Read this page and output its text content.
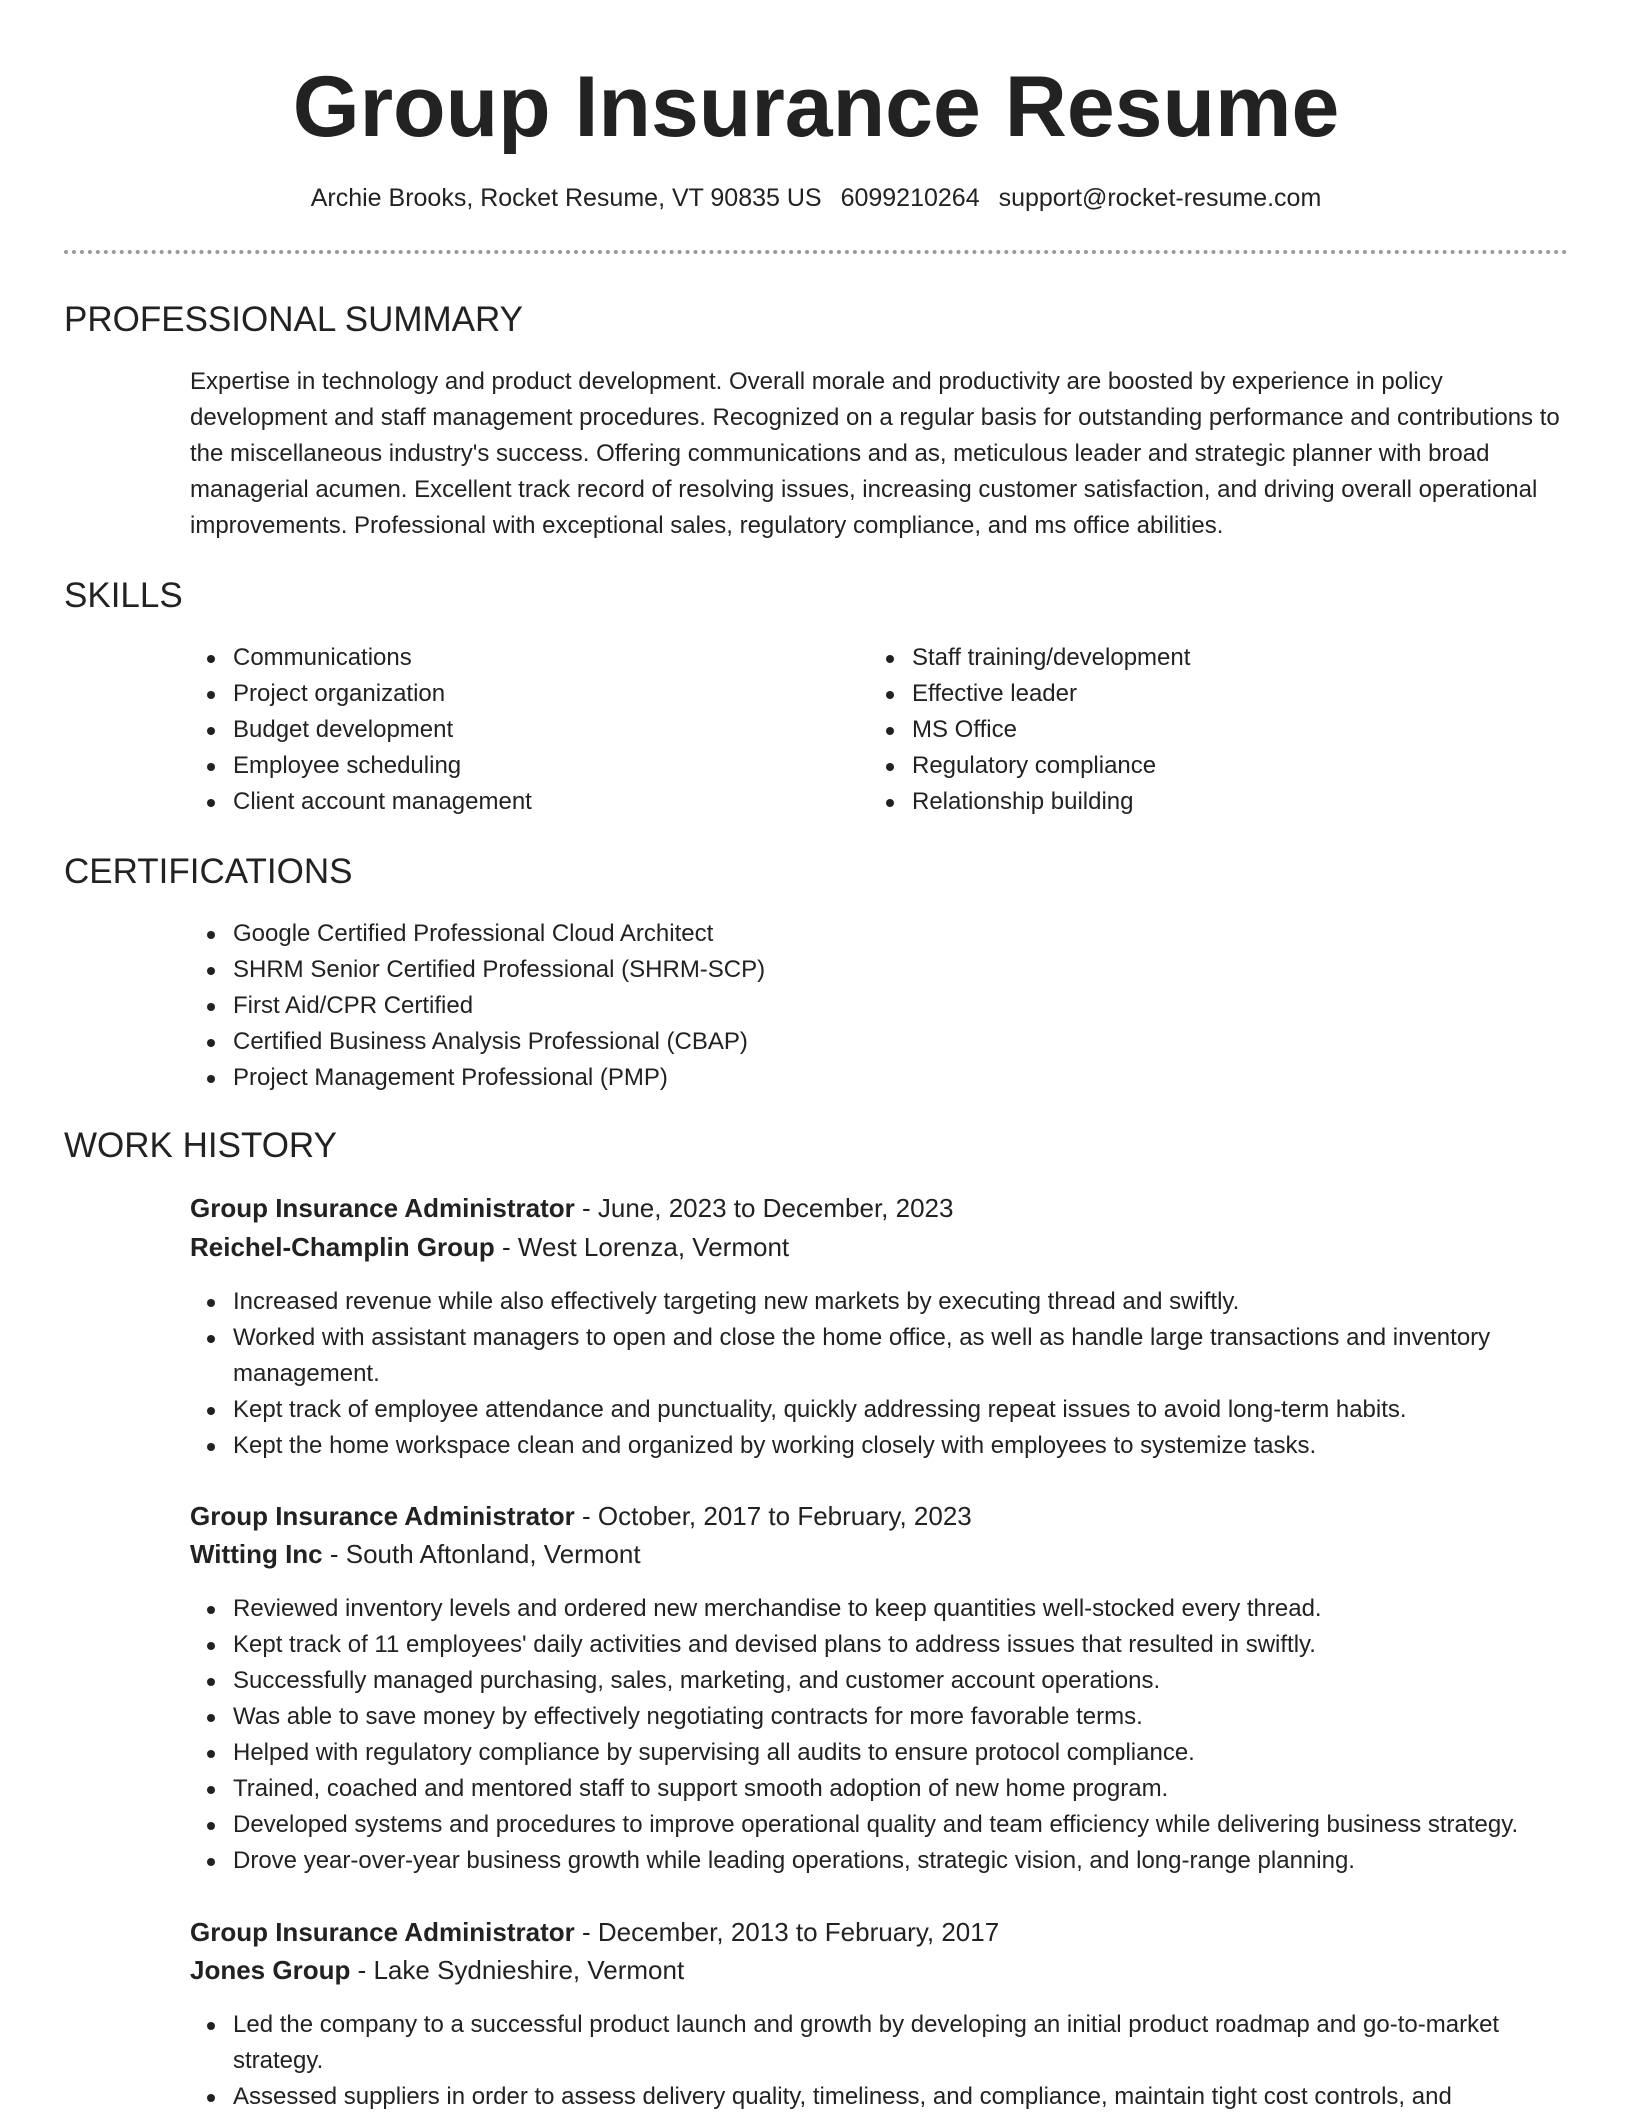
Group Insurance Resume
Archie Brooks, Rocket Resume, VT 90835 US 6099210264 support@rocket-resume.com
PROFESSIONAL SUMMARY

Expertise in technology and product development. Overall morale and productivity are boosted by experience in policy development and staff management procedures. Recognized on a regular basis for outstanding performance and contributions to the miscellaneous industry's success. Offering communications and as, meticulous leader and strategic planner with broad managerial acumen. Excellent track record of resolving issues, increasing customer satisfaction, and driving overall operational improvements. Professional with exceptional sales, regulatory compliance, and ms office abilities.

SKILLS
Communications
Project organization
Budget development
Employee scheduling
Client account management
Staff training/development
Effective leader
MS Office
Regulatory compliance
Relationship building
CERTIFICATIONS
Google Certified Professional Cloud Architect
SHRM Senior Certified Professional (SHRM-SCP)
First Aid/CPR Certified
Certified Business Analysis Professional (CBAP)
Project Management Professional (PMP)
WORK HISTORY
Group Insurance Administrator - June, 2023 to December, 2023
Reichel-Champlin Group - West Lorenza, Vermont
Increased revenue while also effectively targeting new markets by executing thread and swiftly.
Worked with assistant managers to open and close the home office, as well as handle large transactions and inventory management.
Kept track of employee attendance and punctuality, quickly addressing repeat issues to avoid long-term habits.
Kept the home workspace clean and organized by working closely with employees to systemize tasks.
Group Insurance Administrator - October, 2017 to February, 2023
Witting Inc - South Aftonland, Vermont
Reviewed inventory levels and ordered new merchandise to keep quantities well-stocked every thread.
Kept track of 11 employees' daily activities and devised plans to address issues that resulted in swiftly.
Successfully managed purchasing, sales, marketing, and customer account operations.
Was able to save money by effectively negotiating contracts for more favorable terms.
Helped with regulatory compliance by supervising all audits to ensure protocol compliance.
Trained, coached and mentored staff to support smooth adoption of new home program.
Developed systems and procedures to improve operational quality and team efficiency while delivering business strategy.
Drove year-over-year business growth while leading operations, strategic vision, and long-range planning.
Group Insurance Administrator - December, 2013 to February, 2017
Jones Group - Lake Sydnieshire, Vermont
Led the company to a successful product launch and growth by developing an initial product roadmap and go-to-market strategy.
Assessed suppliers in order to assess delivery quality, timeliness, and compliance, maintain tight cost controls, and
